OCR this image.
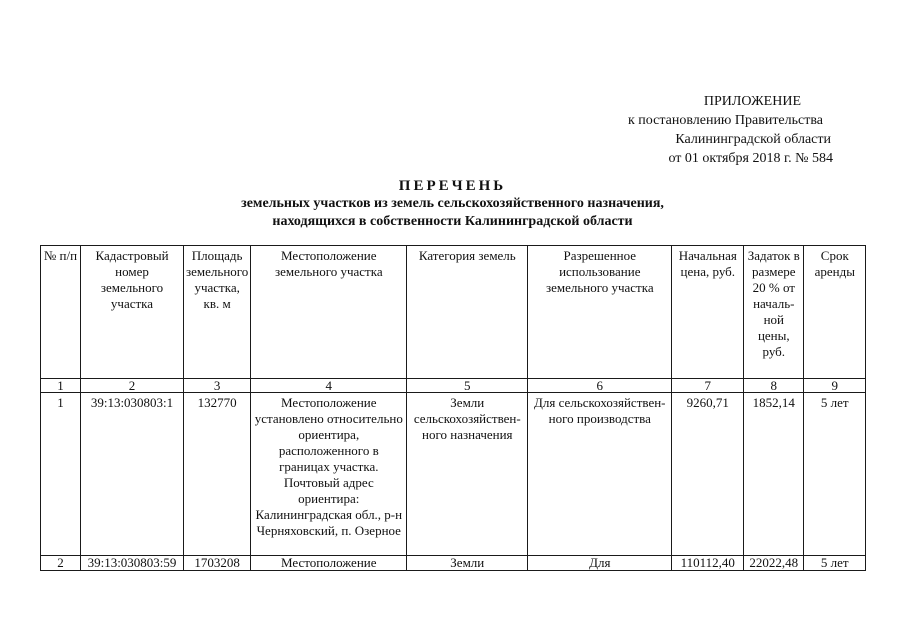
ПРИЛОЖЕНИЕ
к постановлению Правительства
Калининградской области
от 01 октября 2018 г. № 584
ПЕРЕЧЕНЬ
земельных участков из земель сельскохозяйственного назначения,
находящихся в собственности Калининградской области
№ п/п	Кадастровый номер земельного участка	Площадь земельного участка, кв. м	Местоположение земельного участка	Категория земель	Разрешенное использование земельного участка	Начальная цена, руб.	Задаток в размере 20 % от началь-ной цены, руб.	Срок аренды
1	2	3	4	5	6	7	8	9
1	39:13:030803:1	132770	Местоположение установлено относительно ориентира, расположенного в границах участка. Почтовый адрес ориентира: Калининградская обл., р-н Черняховский, п. Озерное	Земли сельскохозяйствен-ного назначения	Для сельскохозяйствен-ного производства	9260,71	1852,14	5 лет
2	39:13:030803:59	1703208	Местоположение	Земли	Для	110112,40	22022,48	5 лет
